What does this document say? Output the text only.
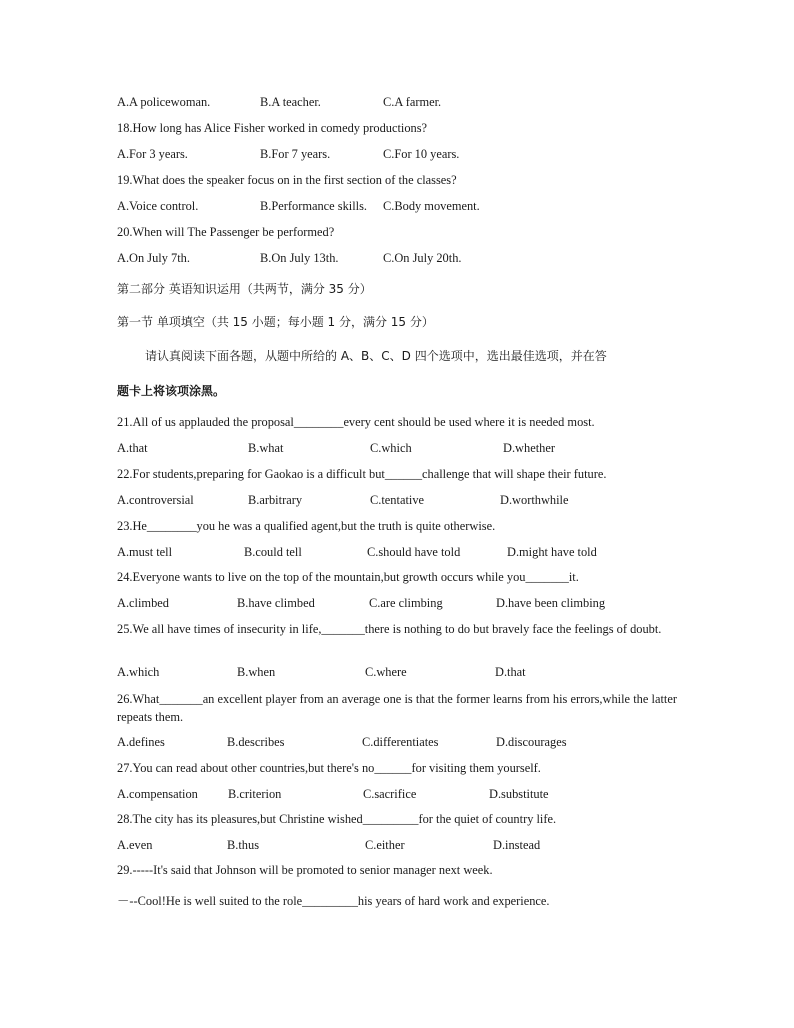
A.A policewoman.	B.A teacher.	C.A farmer.
18.How long has Alice Fisher worked in comedy productions?
A.For 3 years.	B.For 7 years.	C.For 10 years.
19.What does the speaker focus on in the first section of the classes?
A.Voice control.	B.Performance skills. C.Body movement.
20.When will The Passenger be performed?
A.On July 7th.	B.On July 13th.	C.On July 20th.
第二部分 英语知识运用（共两节，满分 35 分）
第一节 单项填空（共 15 小题；每小题 1 分，满分 15 分）
请认真阅读下面各题，从题中所给的 A、B、C、D 四个选项中，选出最佳选项，并在答
题卡上将该项涂黑。
21.All of us applauded the proposal________every cent should be used where it is needed most.
A.that	B.what	C.which	D.whether
22.For students,preparing for Gaokao is a difficult but______challenge that will shape their future.
A.controversial	B.arbitrary	C.tentative	D.worthwhile
23.He________you he was a qualified agent,but the truth is quite otherwise.
A.must tell	B.could tell	C.should have told	D.might have told
24.Everyone wants to live on the top of the mountain,but growth occurs while you_______it.
A.climbed	B.have climbed	C.are climbing	D.have been climbing
25.We all have times of insecurity in life,_______there is nothing to do but bravely face the feelings of doubt.
A.which	B.when	C.where	D.that
26.What_______an excellent player from an average one is that the former learns from his errors,while the latter repeats them.
A.defines	B.describes	C.differentiates	D.discourages
27.You can read about other countries,but there's no______for visiting them yourself.
A.compensation B.criterion	C.sacrifice	D.substitute
28.The city has its pleasures,but Christine wished_________for the quiet of country life.
A.even	B.thus	C.either	D.instead
29.-----It's said that Johnson will be promoted to senior manager next week.
－--Cool!He is well suited to the role_________his years of hard work and experience.
